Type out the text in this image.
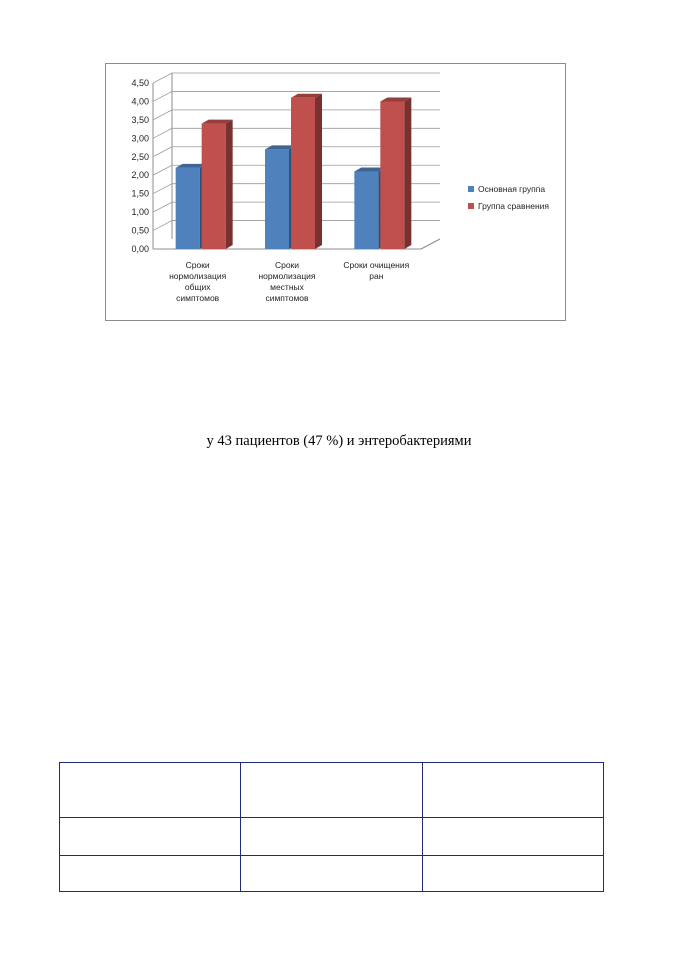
0,00
0,50
1,00
1,50
2,00
2,50
3,00
3,50
4,00
4,50
Сроки нормолизация общих симптомов
Сроки нормолизация местных симптомов
Сроки очищения ран
Основная группа
Группа сравнения
у 43 пациентов (47 %) и энтеробактериями
